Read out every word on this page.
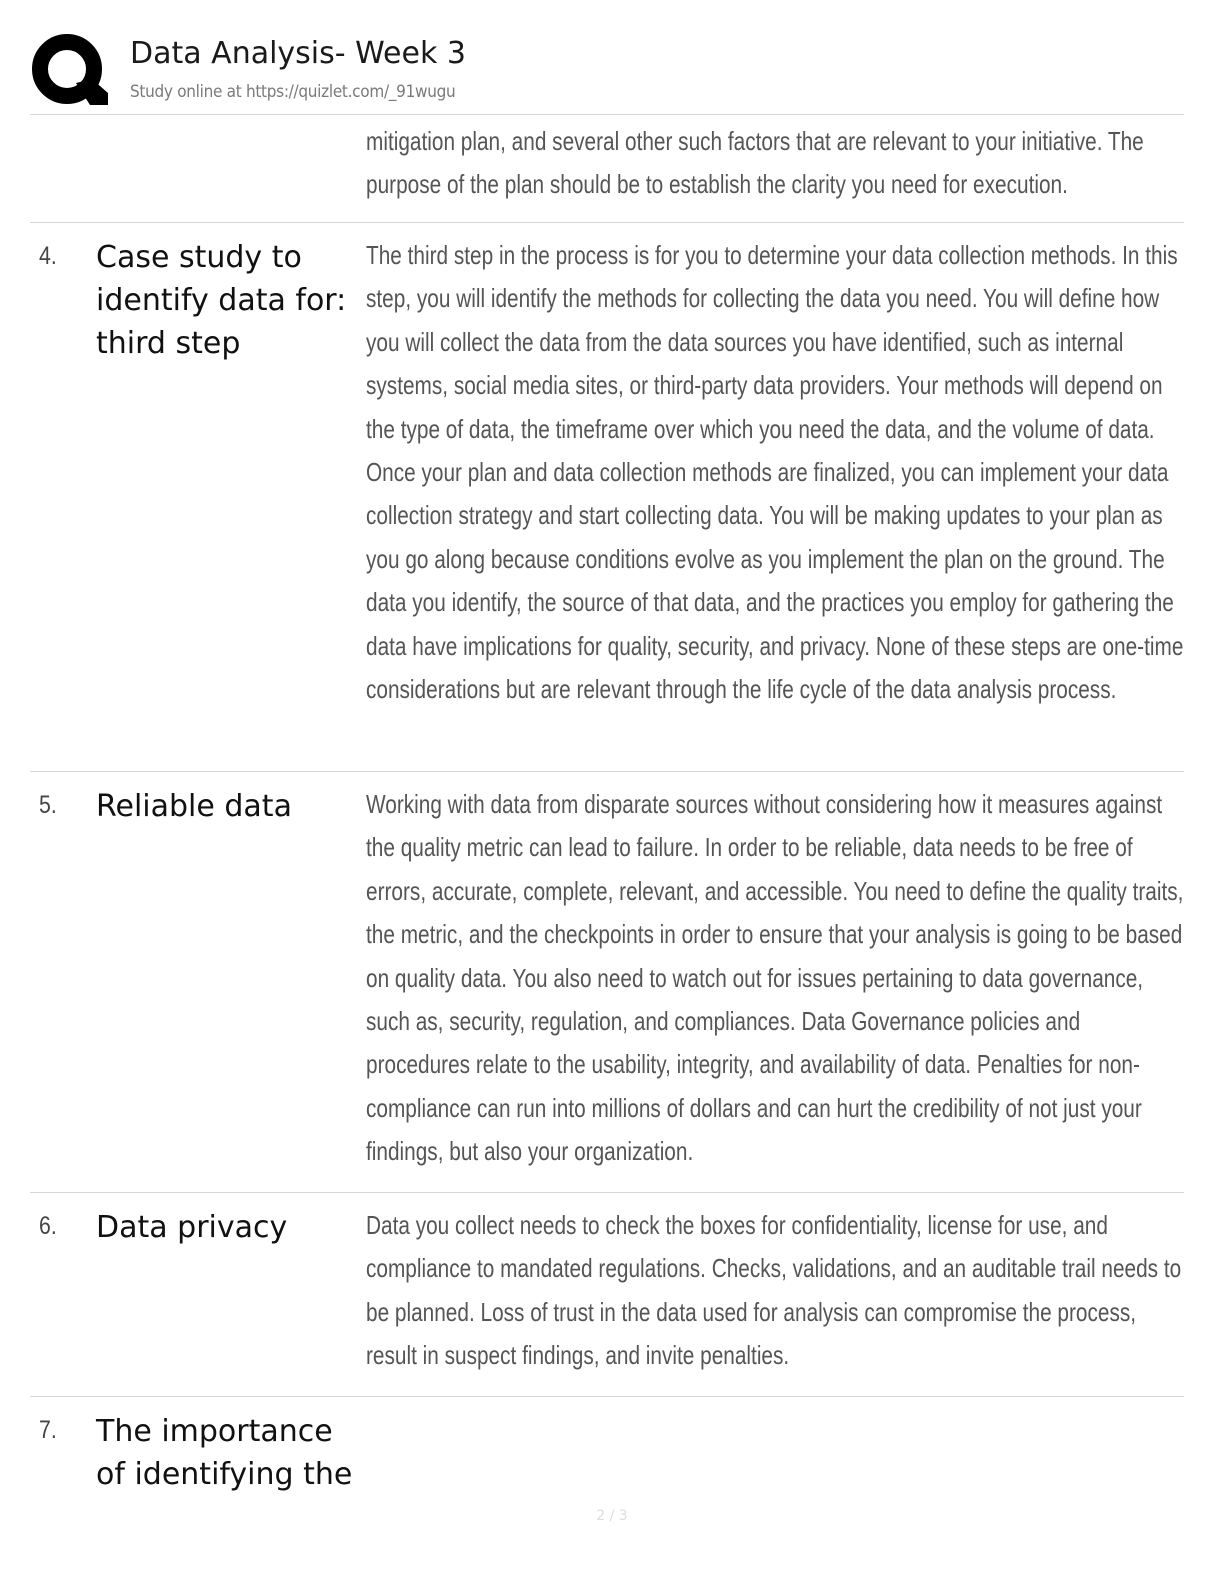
Data Analysis- Week 3
Study online at https://quizlet.com/_91wugu

mitigation plan, and several other such factors that are relevant to your initiative. The purpose of the plan should be to establish the clarity you need for execution.

4. Case study to identify data for: third step

The third step in the process is for you to determine your data collection methods. In this step, you will identify the methods for collecting the data you need. You will define how you will collect the data from the data sources you have identified, such as internal systems, social media sites, or third-party data providers. Your methods will depend on the type of data, the timeframe over which you need the data, and the volume of data. Once your plan and data collection methods are finalized, you can implement your data collection strategy and start collecting data. You will be making updates to your plan as you go along because conditions evolve as you implement the plan on the ground. The data you identify, the source of that data, and the practices you employ for gathering the data have implications for quality, security, and privacy. None of these steps are one-time considerations but are relevant through the life cycle of the data analysis process.

5. Reliable data	Working with data from disparate sources without considering how it measures against the quality metric can lead to failure. In order to be reliable, data needs to be free of errors, accurate, complete, relevant, and accessible. You need to define the quality traits, the metric, and the checkpoints in order to ensure that your analysis is going to be based on quality data. You also need to watch out for issues pertaining to data governance, such as, security, regulation, and compliances. Data Governance policies and procedures relate to the usability, integrity, and availability of data. Penalties for non-compliance can run into millions of dollars and can hurt the credibility of not just your findings, but also your organization.

6. Data privacy	Data you collect needs to check the boxes for confidentiality, license for use, and compliance to mandated regulations. Checks, validations, and an auditable trail needs to be planned. Loss of trust in the data used for analysis can compromise the process, result in suspect findings, and invite penalties.

7. The importance of identifying the

2 / 3
